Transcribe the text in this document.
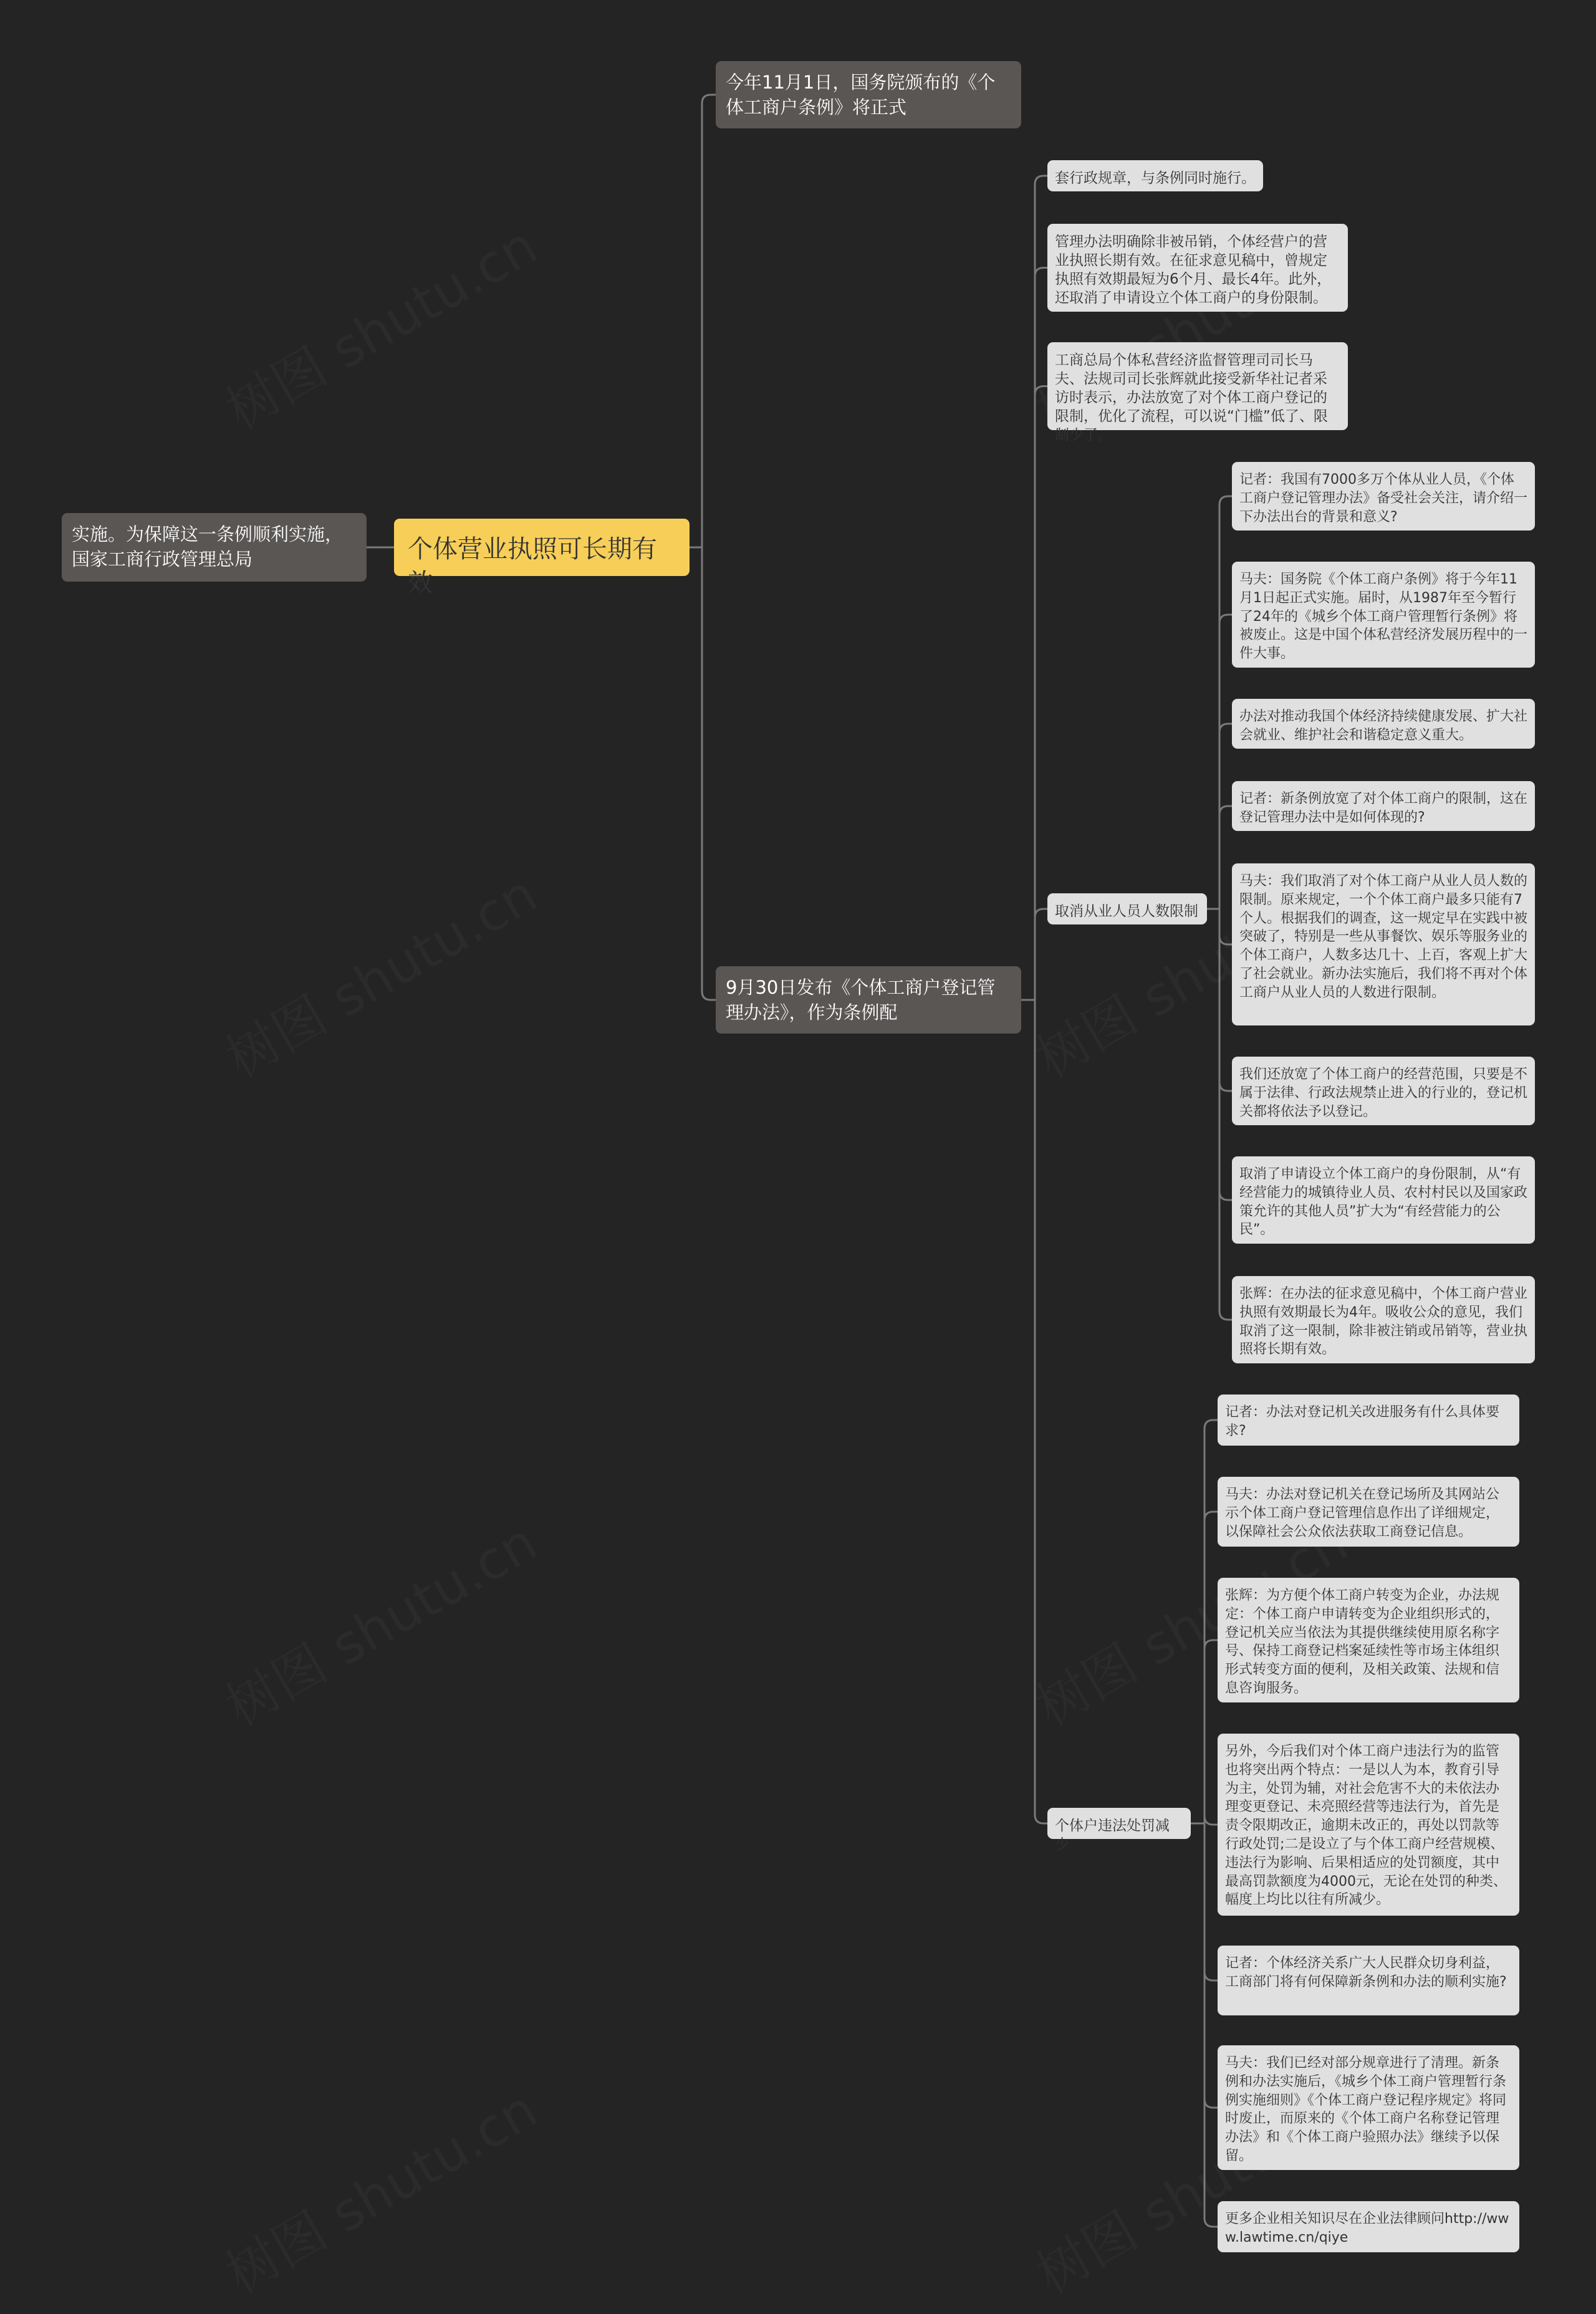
个体营业执照可长期有效
实施。为保障这一条例顺利实施，国家工商行政管理总局
今年11月1日，国务院颁布的《个体工商户条例》将正式
9月30日发布《个体工商户登记管理办法》，作为条例配
套行政规章，与条例同时施行。
管理办法明确除非被吊销，个体经营户的营业执照长期有效。在征求意见稿中，曾规定执照有效期最短为6个月、最长4年。此外，还取消了申请设立个体工商户的身份限制。
工商总局个体私营经济监督管理司司长马夫、法规司司长张辉就此接受新华社记者采访时表示，办法放宽了对个体工商户登记的限制，优化了流程，可以说“门槛”低了、限制少了。
取消从业人员人数限制
个体户违法处罚减少
记者：我国有7000多万个体从业人员，《个体工商户登记管理办法》备受社会关注，请介绍一下办法出台的背景和意义?
马夫：国务院《个体工商户条例》将于今年11月1日起正式实施。届时，从1987年至今暂行了24年的《城乡个体工商户管理暂行条例》将被废止。这是中国个体私营经济发展历程中的一件大事。
办法对推动我国个体经济持续健康发展、扩大社会就业、维护社会和谐稳定意义重大。
记者：新条例放宽了对个体工商户的限制，这在登记管理办法中是如何体现的?
马夫：我们取消了对个体工商户从业人员人数的限制。原来规定，一个个体工商户最多只能有7个人。根据我们的调查，这一规定早在实践中被突破了，特别是一些从事餐饮、娱乐等服务业的个体工商户，人数多达几十、上百，客观上扩大了社会就业。新办法实施后，我们将不再对个体工商户从业人员的人数进行限制。
我们还放宽了个体工商户的经营范围，只要是不属于法律、行政法规禁止进入的行业的，登记机关都将依法予以登记。
取消了申请设立个体工商户的身份限制，从“有经营能力的城镇待业人员、农村村民以及国家政策允许的其他人员”扩大为“有经营能力的公民”。
张辉：在办法的征求意见稿中，个体工商户营业执照有效期最长为4年。吸收公众的意见，我们取消了这一限制，除非被注销或吊销等，营业执照将长期有效。
记者：办法对登记机关改进服务有什么具体要求?
马夫：办法对登记机关在登记场所及其网站公示个体工商户登记管理信息作出了详细规定，以保障社会公众依法获取工商登记信息。
张辉：为方便个体工商户转变为企业，办法规定：个体工商户申请转变为企业组织形式的，登记机关应当依法为其提供继续使用原名称字号、保持工商登记档案延续性等市场主体组织形式转变方面的便利，及相关政策、法规和信息咨询服务。
另外，今后我们对个体工商户违法行为的监管也将突出两个特点：一是以人为本，教育引导为主，处罚为辅，对社会危害不大的未依法办理变更登记、未亮照经营等违法行为，首先是责令限期改正，逾期未改正的，再处以罚款等行政处罚;二是设立了与个体工商户经营规模、违法行为影响、后果相适应的处罚额度，其中最高罚款额度为4000元，无论在处罚的种类、幅度上均比以往有所减少。
记者：个体经济关系广大人民群众切身利益，工商部门将有何保障新条例和办法的顺利实施?
马夫：我们已经对部分规章进行了清理。新条例和办法实施后，《城乡个体工商户管理暂行条例实施细则》《个体工商户登记程序规定》将同时废止，而原来的《个体工商户名称登记管理办法》和《个体工商户验照办法》继续予以保留。
更多企业相关知识尽在企业法律顾问http://www.lawtime.cn/qiye
